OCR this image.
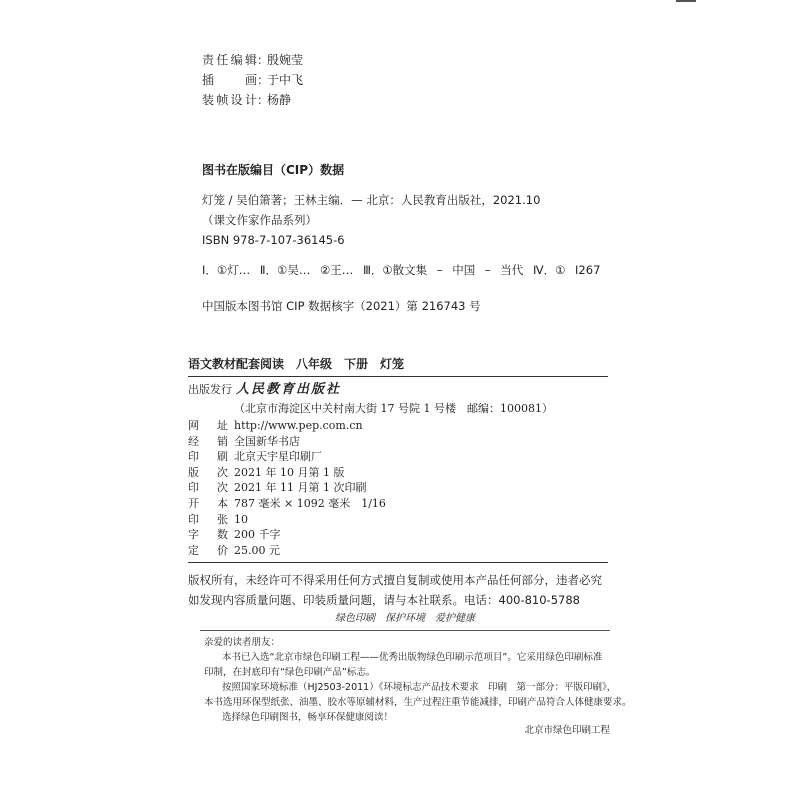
责 任 编 辑 ：
殷婉莹
插	画 ：
于中飞
装 帧 设 计 ：
杨静
图书在版编目（CIP）数据
灯笼 / 吴伯箫著；王林主编．— 北京：人民教育出版社，2021.10
（课文作家作品系列）
ISBN 978-7-107-36145-6
Ⅰ．①灯… Ⅱ．①吴… ②王… Ⅲ．①散文集 – 中国 – 当代 Ⅳ．① I267
中国版本图书馆 CIP 数据核字（2021）第 216743 号
语文教材配套阅读　八年级　下册　灯笼
出 版 发 行 人民教育出版社
（北京市海淀区中关村南大街 17 号院 1 号楼　邮编：100081）
网 址 http://www.pep.com.cn
经 销 全国新华书店
印 刷 北京天宇星印刷厂
版 次 2021 年 10 月第 1 版
印 次 2021 年 11 月第 1 次印刷
开 本 787 毫米 × 1092 毫米　1/16
印 张 10
字 数 200 千字
定 价 25.00 元
版权所有，未经许可不得采用任何方式擅自复制或使用本产品任何部分，违者必究
如发现内容质量问题、印装质量问题，请与本社联系。电话：400-810-5788
绿色印刷　保护环境　爱护健康
亲爱的读者朋友：
本书已入选“北京市绿色印刷工程——优秀出版物绿色印刷示范项目”。它采用绿色印刷标准
印制，在封底印有“绿色印刷产品”标志。
按照国家环境标准（HJ2503-2011）《环境标志产品技术要求　印刷　第一部分：平版印刷》，
本书选用环保型纸张、油墨、胶水等原辅材料，生产过程注重节能减排，印刷产品符合人体健康要求。
选择绿色印刷图书，畅享环保健康阅读！
北京市绿色印刷工程
